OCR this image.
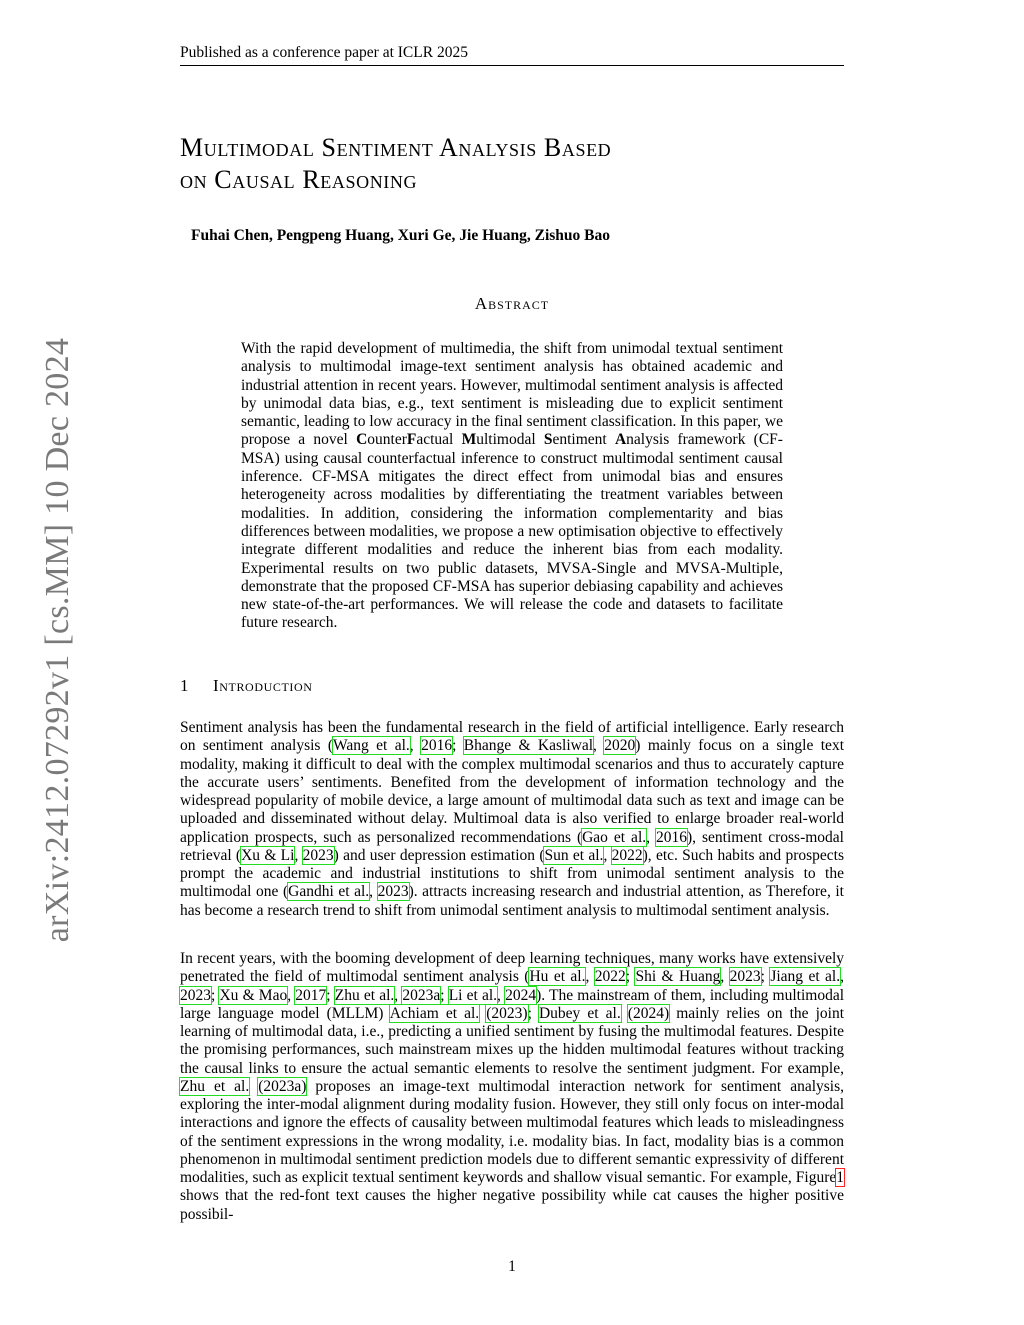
Published as a conference paper at ICLR 2025
arXiv:2412.07292v1 [cs.MM] 10 Dec 2024
Multimodal Sentiment Analysis Based
on Causal Reasoning
Fuhai Chen, Pengpeng Huang, Xuri Ge, Jie Huang, Zishuo Bao
Abstract

With the rapid development of multimedia, the shift from unimodal textual sentiment analysis to multimodal image-text sentiment analysis has obtained academic and industrial attention in recent years. However, multimodal sentiment analysis is affected by unimodal data bias, e.g., text sentiment is misleading due to explicit sentiment semantic, leading to low accuracy in the final sentiment classification. In this paper, we propose a novel CounterFactual Multimodal Sentiment Analysis framework (CF-MSA) using causal counterfactual inference to construct multimodal sentiment causal inference. CF-MSA mitigates the direct effect from unimodal bias and ensures heterogeneity across modalities by differentiating the treatment variables between modalities. In addition, considering the information complementarity and bias differences between modalities, we propose a new optimisation objective to effectively integrate different modalities and reduce the inherent bias from each modality. Experimental results on two public datasets, MVSA-Single and MVSA-Multiple, demonstrate that the proposed CF-MSA has superior debiasing capability and achieves new state-of-the-art performances. We will release the code and datasets to facilitate future research.

1 Introduction

Sentiment analysis has been the fundamental research in the field of artificial intelligence. Early research on sentiment analysis (Wang et al., 2016; Bhange & Kasliwal, 2020) mainly focus on a single text modality, making it difficult to deal with the complex multimodal scenarios and thus to accurately capture the accurate users’ sentiments. Benefited from the development of information technology and the widespread popularity of mobile device, a large amount of multimodal data such as text and image can be uploaded and disseminated without delay. Multimoal data is also verified to enlarge broader real-world application prospects, such as personalized recommendations (Gao et al., 2016), sentiment cross-modal retrieval (Xu & Li, 2023) and user depression estimation (Sun et al., 2022), etc. Such habits and prospects prompt the academic and industrial institutions to shift from unimodal sentiment analysis to the multimodal one (Gandhi et al., 2023). attracts increasing research and industrial attention, as Therefore, it has become a research trend to shift from unimodal sentiment analysis to multimodal sentiment analysis.

In recent years, with the booming development of deep learning techniques, many works have extensively penetrated the field of multimodal sentiment analysis (Hu et al., 2022; Shi & Huang, 2023; Jiang et al., 2023; Xu & Mao, 2017; Zhu et al., 2023a; Li et al., 2024). The mainstream of them, including multimodal large language model (MLLM) Achiam et al. (2023); Dubey et al. (2024) mainly relies on the joint learning of multimodal data, i.e., predicting a unified sentiment by fusing the multimodal features. Despite the promising performances, such mainstream mixes up the hidden multimodal features without tracking the causal links to ensure the actual semantic elements to resolve the sentiment judgment. For example, Zhu et al. (2023a) proposes an image-text multimodal interaction network for sentiment analysis, exploring the inter-modal alignment during modality fusion. However, they still only focus on inter-modal interactions and ignore the effects of causality between multimodal features which leads to misleadingness of the sentiment expressions in the wrong modality, i.e. modality bias. In fact, modality bias is a common phenomenon in multimodal sentiment prediction models due to different semantic expressivity of different modalities, such as explicit textual sentiment keywords and shallow visual semantic. For example, Figure1 shows that the red-font text causes the higher negative possibility while cat causes the higher positive possibil-

1
